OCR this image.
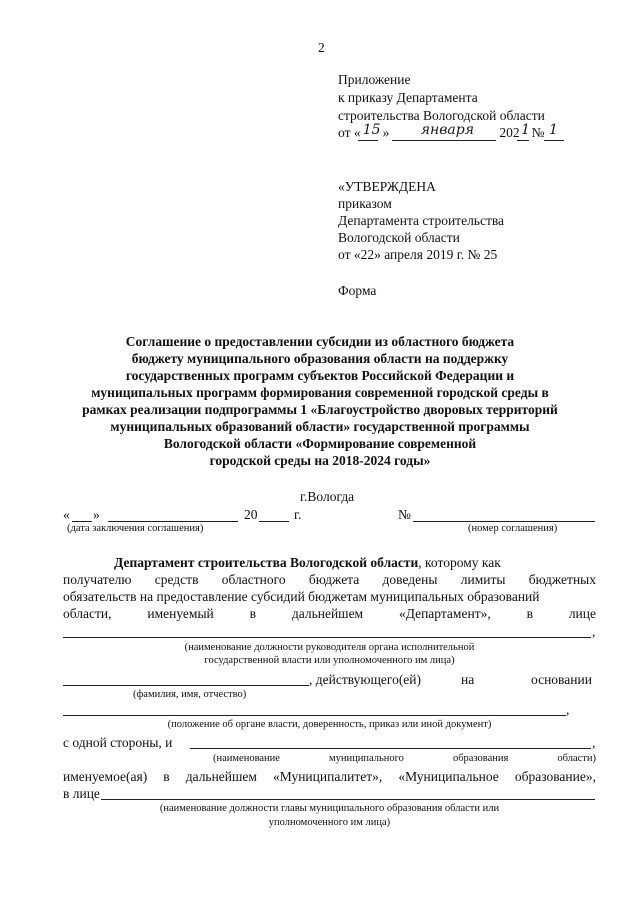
2
Приложение
к приказу Департамента
строительства Вологодской области
от « 15 » января 202 1 № 1
«УТВЕРЖДЕНА
приказом
Департамента строительства
Вологодской области
от «22» апреля 2019 г. № 25
Форма
Соглашение о предоставлении субсидии из областного бюджета
бюджету муниципального образования области на поддержку
государственных программ субъектов Российской Федерации и
муниципальных программ формирования современной городской среды в
рамках реализации подпрограммы 1 «Благоустройство дворовых территорий
муниципальных образований области» государственной программы
Вологодской области «Формирование современной
городской среды на 2018-2024 годы»
г.Вологда
« »	20	г.	№
(дата заключения соглашения)	(номер соглашения)
Департамент строительства Вологодской области, которому как
получателю средств областного бюджета доведены лимиты бюджетных
обязательств на предоставление субсидий бюджетам муниципальных образований
области,	именуемый	в	дальнейшем	«Департамент»,	в	лице
,
(наименование должности руководителя органа исполнительной
государственной власти или уполномоченного им лица)
, действующего(ей)	на	основании
(фамилия, имя, отчество)
,
(положение об органе власти, доверенность, приказ или иной документ)
с одной стороны, и	,
(наименование	муниципального	образования	области)
именуемое(ая) в дальнейшем «Муниципалитет», «Муниципальное образование»,
в лице
(наименование должности главы муниципального образования области или
уполномоченного им лица)
